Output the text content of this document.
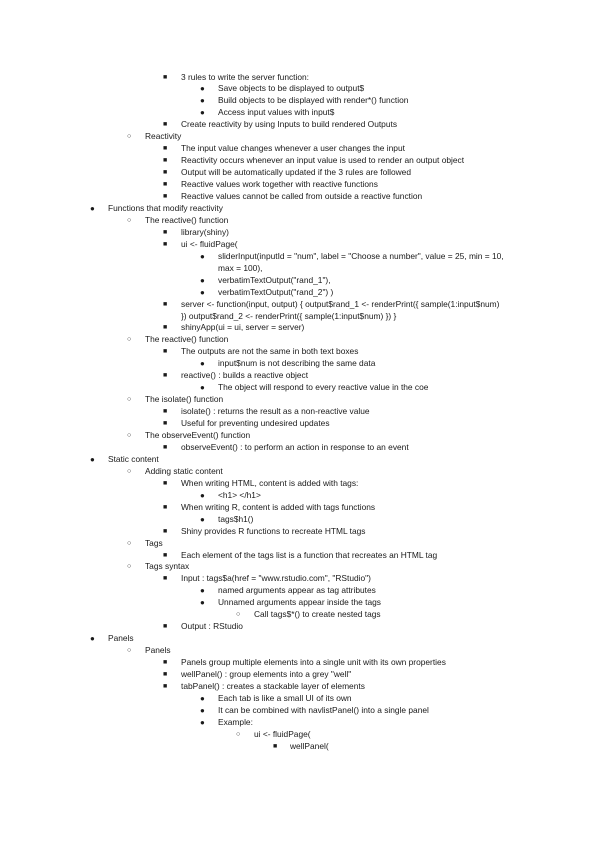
■ 3 rules to write the server function:
● Save objects to be displayed to output$
● Build objects to be displayed with render*() function
● Access input values with input$
■ Create reactivity by using Inputs to build rendered Outputs
○ Reactivity
■ The input value changes whenever a user changes the input
■ Reactivity occurs whenever an input value is used to render an output object
■ Output will be automatically updated if the 3 rules are followed
■ Reactive values work together with reactive functions
■ Reactive values cannot be called from outside a reactive function
● Functions that modify reactivity
○ The reactive() function
■ library(shiny)
■ ui <- fluidPage(
● sliderInput(inputId = "num", label = "Choose a number", value = 25, min = 10,
max = 100),
● verbatimTextOutput("rand_1"),
● verbatimTextOutput("rand_2") )
■ server <- function(input, output) { output$rand_1 <- renderPrint({ sample(1:input$num)
}) output$rand_2 <- renderPrint({ sample(1:input$num) }) }
■ shinyApp(ui = ui, server = server)
○ The reactive() function
■ The outputs are not the same in both text boxes
● input$num is not describing the same data
■ reactive() : builds a reactive object
● The object will respond to every reactive value in the coe
○ The isolate() function
■ isolate() : returns the result as a non-reactive value
■ Useful for preventing undesired updates
○ The observeEvent() function
■ observeEvent() : to perform an action in response to an event
● Static content
○ Adding static content
■ When writing HTML, content is added with tags:
● <h1> </h1>
■ When writing R, content is added with tags functions
● tags$h1()
■ Shiny provides R functions to recreate HTML tags
○ Tags
■ Each element of the tags list is a function that recreates an HTML tag
○ Tags syntax
■ Input : tags$a(href = "www.rstudio.com", "RStudio")
● named arguments appear as tag attributes
● Unnamed arguments appear inside the tags
○ Call tags$*() to create nested tags
■ Output : RStudio
● Panels
○ Panels
■ Panels group multiple elements into a single unit with its own properties
■ wellPanel() : group elements into a grey "well"
■ tabPanel() : creates a stackable layer of elements
● Each tab is like a small UI of its own
● It can be combined with navlistPanel() into a single panel
● Example:
○ ui <- fluidPage(
■ wellPanel(
